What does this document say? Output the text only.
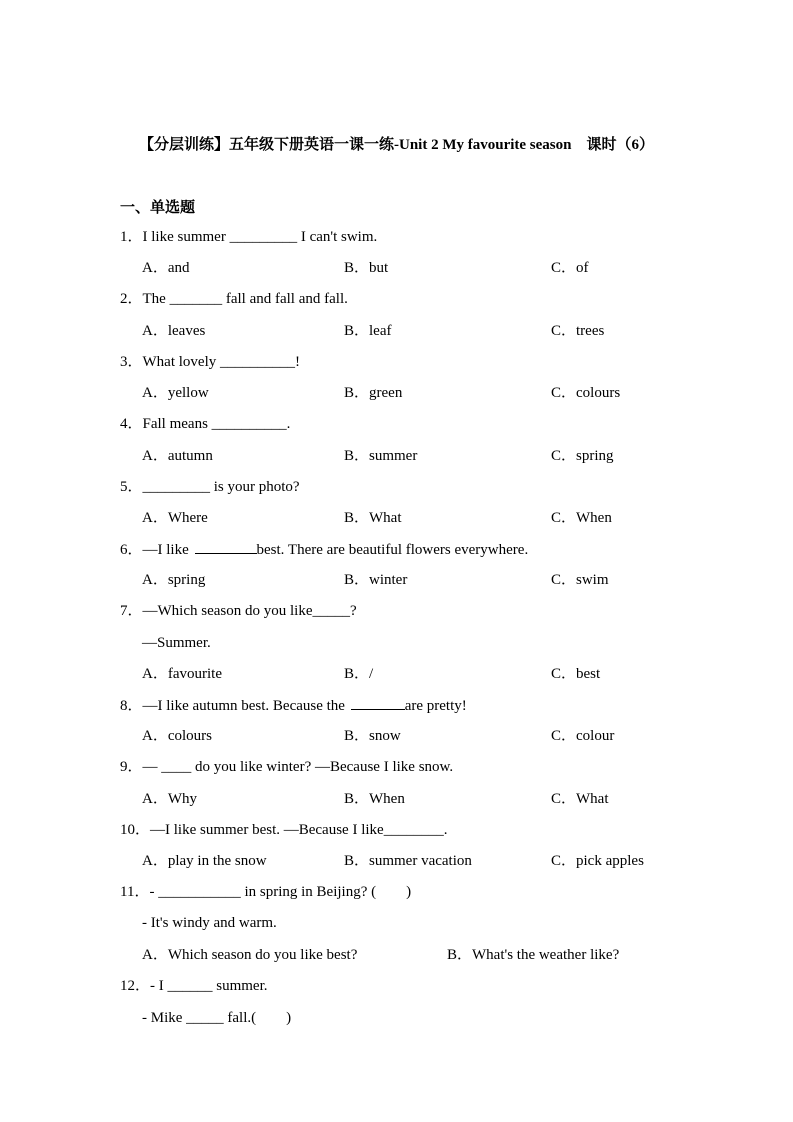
【分层训练】五年级下册英语一课一练-Unit 2 My favourite season　课时（6）
一、单选题
1．I like summer _________ I can't swim.
A．and	B．but	C．of
2．The _______ fall and fall and fall.
A．leaves	B．leaf	C．trees
3．What lovely __________!
A．yellow	B．green	C．colours
4．Fall means __________.
A．autumn	B．summer	C．spring
5．_________ is your photo?
A．Where	B．What	C．When
6．—I like	best. There are beautiful flowers everywhere.
A．spring	B．winter	C．swim
7．—Which season do you like_____?
—Summer.
A．favourite	B．/	C．best
8．—I like autumn best. Because the	are pretty!
A．colours	B．snow	C．colour
9．— ____ do you like winter? —Because I like snow.
A．Why	B．When	C．What
10．—I like summer best. —Because I like________.
A．play in the snow	B．summer vacation	C．pick apples
11．- ___________ in spring in Beijing? (　　)
- It's windy and warm.
A．Which season do you like best?	B．What's the weather like?
12．- I ______ summer.
- Mike _____ fall.(　　)
